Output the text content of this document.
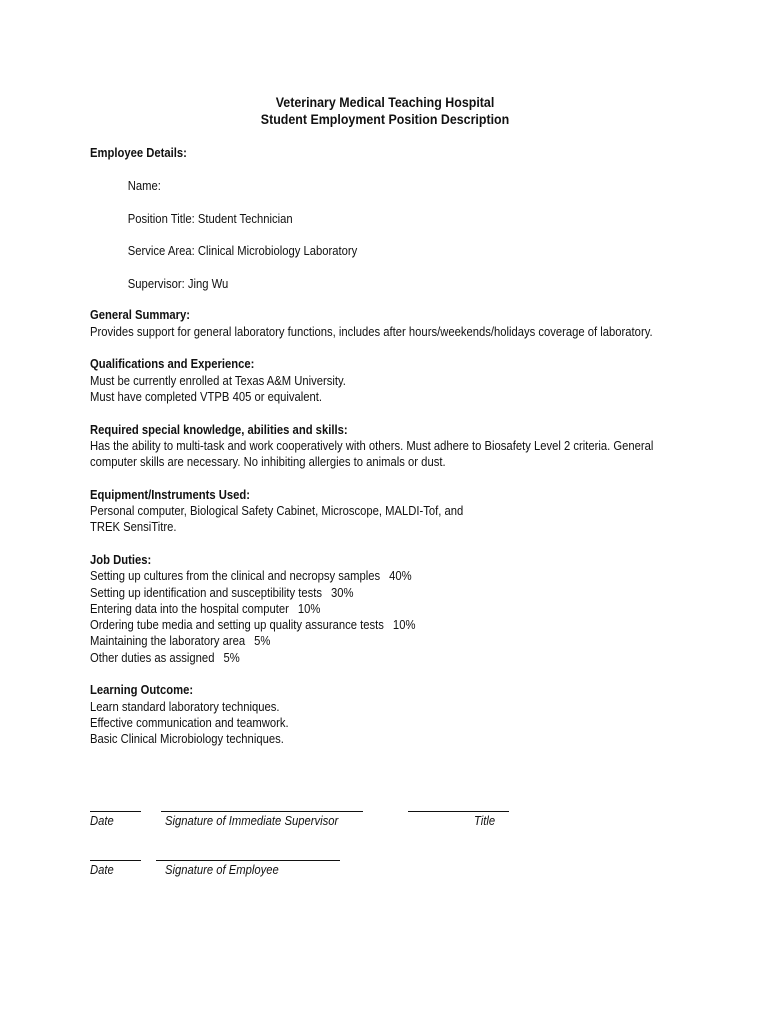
Veterinary Medical Teaching Hospital
Student Employment Position Description

Employee Details:

Name:

Position Title: Student Technician

Service Area: Clinical Microbiology Laboratory

Supervisor: Jing Wu

General Summary:

Provides support for general laboratory functions, includes after hours/weekends/holidays coverage of laboratory.

Qualifications and Experience:

Must be currently enrolled at Texas A&M University.

Must have completed VTPB 405 or equivalent.

Required special knowledge, abilities and skills:

Has the ability to multi-task and work cooperatively with others. Must adhere to Biosafety Level 2 criteria. General

computer skills are necessary. No inhibiting allergies to animals or dust.

Equipment/Instruments Used:

Personal computer, Biological Safety Cabinet, Microscope, MALDI-Tof, and

TREK SensiTitre.

Job Duties:

Setting up cultures from the clinical and necropsy samples 40%

Setting up identification and susceptibility tests 30%

Entering data into the hospital computer 10%

Ordering tube media and setting up quality assurance tests 10%

Maintaining the laboratory area 5%

Other duties as assigned 5%

Learning Outcome:

Learn standard laboratory techniques.

Effective communication and teamwork.

Basic Clinical Microbiology techniques.

Date	Signature of Immediate Supervisor	Title
Date	Signature of Employee
